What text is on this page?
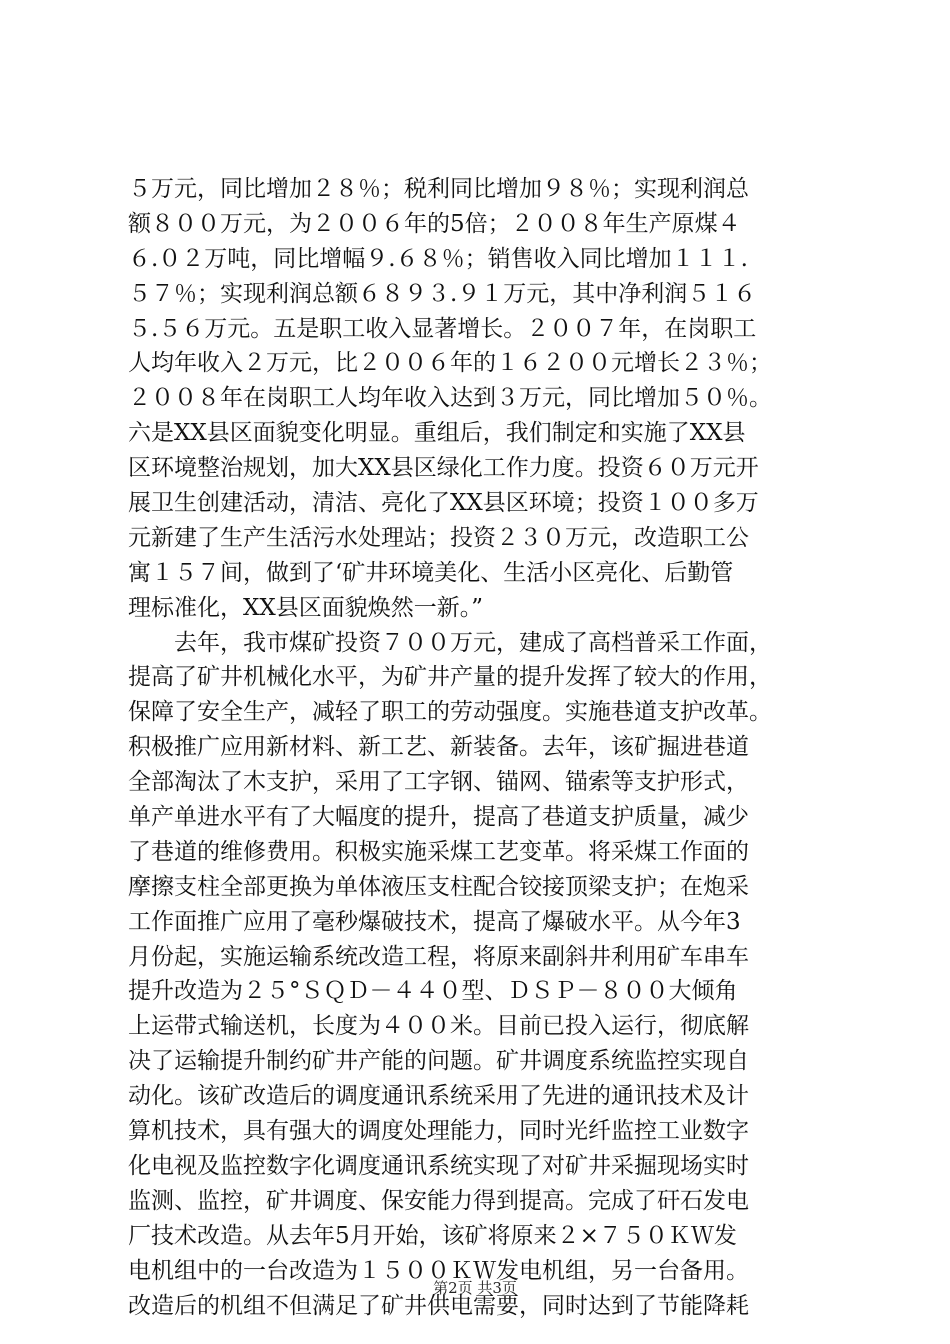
５万元，同比增加２８％；税利同比增加９８％；实现利润总
额８００万元，为２００６年的5倍；２００８年生产原煤４
６.０２万吨，同比增幅９.６８％；销售收入同比增加１１１.
５７％；实现利润总额６８９３.９１万元，其中净利润５１６
５.５６万元。五是职工收入显著增长。２００７年，在岗职工
人均年收入２万元，比２００６年的１６２００元增长２３％；
２００８年在岗职工人均年收入达到３万元，同比增加５０％。
六是XX县区面貌变化明显。重组后，我们制定和实施了XX县
区环境整治规划，加大XX县区绿化工作力度。投资６０万元开
展卫生创建活动，清洁、亮化了XX县区环境；投资１００多万
元新建了生产生活污水处理站；投资２３０万元，改造职工公
寓１５７间，做到了‘矿井环境美化、生活小区亮化、后勤管
理标准化，XX县区面貌焕然一新。”
　　去年，我市煤矿投资７００万元，建成了高档普采工作面，
提高了矿井机械化水平，为矿井产量的提升发挥了较大的作用，
保障了安全生产，减轻了职工的劳动强度。实施巷道支护改革。
积极推广应用新材料、新工艺、新装备。去年，该矿掘进巷道
全部淘汰了木支护，采用了工字钢、锚网、锚索等支护形式，
单产单进水平有了大幅度的提升，提高了巷道支护质量，减少
了巷道的维修费用。积极实施采煤工艺变革。将采煤工作面的
摩擦支柱全部更换为单体液压支柱配合铰接顶梁支护；在炮采
工作面推广应用了毫秒爆破技术，提高了爆破水平。从今年3
月份起，实施运输系统改造工程，将原来副斜井利用矿车串车
提升改造为２５°ＳＱＤ－４４０型、ＤＳＰ－８００大倾角
上运带式输送机，长度为４００米。目前已投入运行，彻底解
决了运输提升制约矿井产能的问题。矿井调度系统监控实现自
动化。该矿改造后的调度通讯系统采用了先进的通讯技术及计
算机技术，具有强大的调度处理能力，同时光纤监控工业数字
化电视及监控数字化调度通讯系统实现了对矿井采掘现场实时
监测、监控，矿井调度、保安能力得到提高。完成了矸石发电
厂技术改造。从去年5月开始，该矿将原来２×７５０ＫＷ发
电机组中的一台改造为１５００ＫＷ发电机组，另一台备用。
改造后的机组不但满足了矿井供电需要，同时达到了节能降耗
第2页 共3页
